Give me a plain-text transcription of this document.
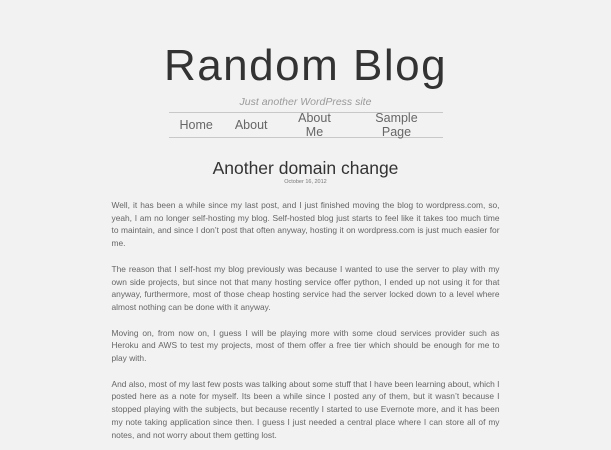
Random Blog
Just another WordPress site
Home	About	About Me
Sample Page
Another domain change
October 16, 2012

Well, it has been a while since my last post, and I just finished moving the blog to wordpress.com, so, yeah, I am no longer self-hosting my blog. Self-hosted blog just starts to feel like it takes too much time to maintain, and since I don’t post that often anyway, hosting it on wordpress.com is just much easier for me.

The reason that I self-host my blog previously was because I wanted to use the server to play with my own side projects, but since not that many hosting service offer python, I ended up not using it for that anyway, furthermore, most of those cheap hosting service had the server locked down to a level where almost nothing can be done with it anyway.

Moving on, from now on, I guess I will be playing more with some cloud services provider such as Heroku and AWS to test my projects, most of them offer a free tier which should be enough for me to play with.

And also, most of my last few posts was talking about some stuff that I have been learning about, which I posted here as a note for myself. Its been a while since I posted any of them, but it wasn’t because I stopped playing with the subjects, but because recently I started to use Evernote more, and it has been my note taking application since then. I guess I just needed a central place where I can store all of my notes, and not worry about them getting lost.
